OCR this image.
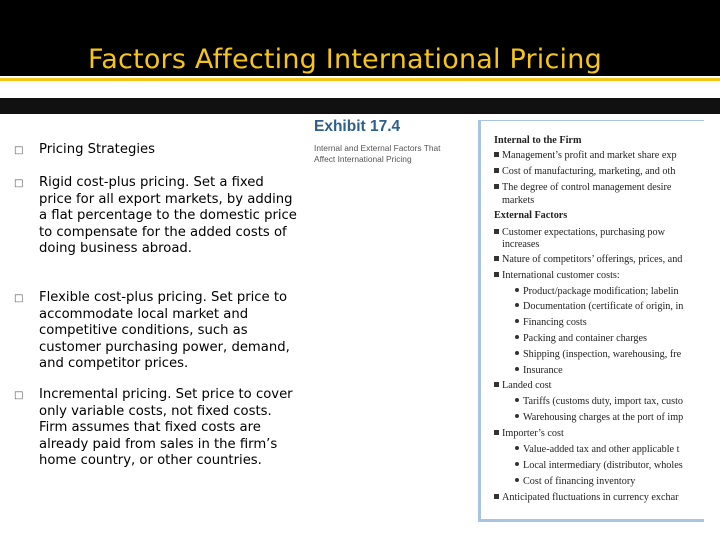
Factors Affecting International Pricing
□	Pricing Strategies
□	Rigid cost-plus pricing. Set a fixed price for all export markets, by adding a flat percentage to the domestic price to compensate for the added costs of doing business abroad.
□	Flexible cost-plus pricing. Set price to accommodate local market and competitive conditions, such as customer purchasing power, demand, and competitor prices.
□	Incremental pricing. Set price to cover only variable costs, not fixed costs. Firm assumes that fixed costs are already paid from sales in the firm’s home country, or other countries.
Exhibit 17.4
Internal and External Factors That Affect International Pricing
Internal to the Firm
Management’s profit and market share exp
Cost of manufacturing, marketing, and oth
The degree of control management desire
markets
External Factors
Customer expectations, purchasing pow
increases
Nature of competitors’ offerings, prices, and
International customer costs:
Product/package modification; labelin
Documentation (certificate of origin, in
Financing costs
Packing and container charges
Shipping (inspection, warehousing, fre
Insurance
Landed cost
Tariffs (customs duty, import tax, custo
Warehousing charges at the port of imp
Importer’s cost
Value-added tax and other applicable t
Local intermediary (distributor, wholes
Cost of financing inventory
Anticipated fluctuations in currency exchar
